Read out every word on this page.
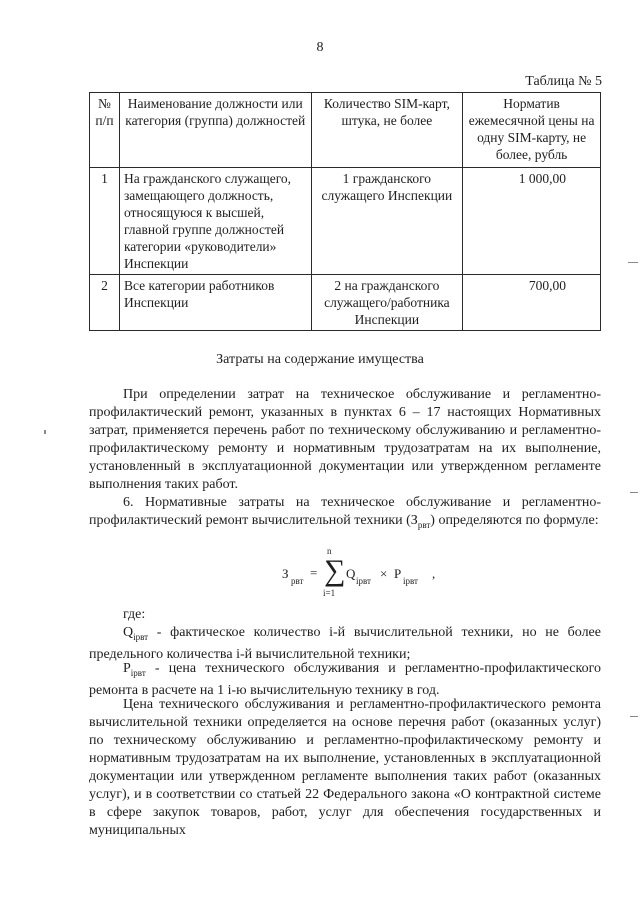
8
Таблица № 5
№ п/п	Наименование должности или категория (группа) должностей	Количество SIM-карт, штука, не более	Норматив ежемесячной цены на одну SIM-карту, не более, рубль
1	На гражданского служащего, замещающего должность, относящуюся к высшей, главной группе должностей категории «руководители» Инспекции	1 гражданского служащего Инспекции	1 000,00
2	Все категории работников Инспекции	2 на гражданского служащего/работника Инспекции	700,00
Затраты на содержание имущества

При определении затрат на техническое обслуживание и регламентно-профилактический ремонт, указанных в пунктах 6 – 17 настоящих Нормативных затрат, применяется перечень работ по техническому обслуживанию и регламентно-профилактическому ремонту и нормативным трудозатратам на их выполнение, установленный в эксплуатационной документации или утвержденном регламенте выполнения таких работ.

6. Нормативные затраты на техническое обслуживание и регламентно-профилактический ремонт вычислительной техники $(З_{рвт})$ определяются по формуле:

З рвт
= ∑
n
i=1
Q iрвт × P iрвт ,

где:

$Q_{iрвт}$ - фактическое количество i-й вычислительной техники, но не более предельного количества i-й вычислительной техники;

$P_{iрвт}$ - цена технического обслуживания и регламентно-профилактического ремонта в расчете на 1 i-ю вычислительную технику в год.

Цена технического обслуживания и регламентно-профилактического ремонта вычислительной техники определяется на основе перечня работ (оказанных услуг) по техническому обслуживанию и регламентно-профилактическому ремонту и нормативным трудозатратам на их выполнение, установленных в эксплуатационной документации или утвержденном регламенте выполнения таких работ (оказанных услуг), и в соответствии со статьей 22 Федерального закона «О контрактной системе в сфере закупок товаров, работ, услуг для обеспечения государственных и муниципальных
